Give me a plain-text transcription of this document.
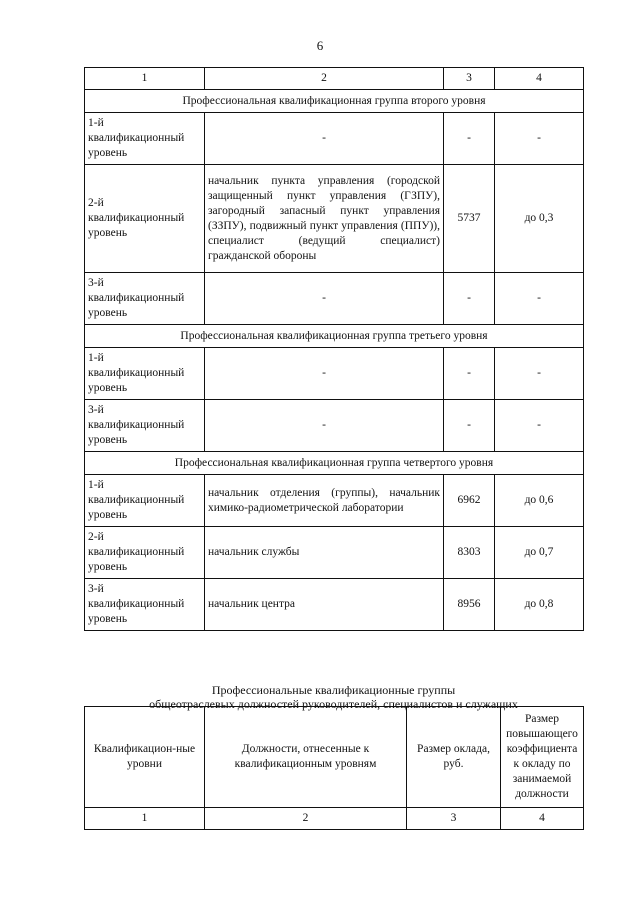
6
1	2	3	4
Профессиональная квалификационная группа второго уровня			
1-й квалификационный уровень	-	-	-
2-й квалификационный уровень	начальник пункта управления (городской защищенный пункт управления (ГЗПУ), загородный запасный пункт управления (ЗЗПУ), подвижный пункт управления (ППУ)), специалист (ведущий специалист) гражданской обороны	5737	до 0,3
3-й квалификационный уровень	-	-	-
Профессиональная квалификационная группа третьего уровня			
1-й квалификационный уровень	-	-	-
3-й квалификационный уровень	-	-	-
Профессиональная квалификационная группа четвертого уровня			
1-й квалификационный уровень	начальник отделения (группы), начальник химико-радиометрической лаборатории	6962	до 0,6
2-й квалификационный уровень	начальник службы	8303	до 0,7
3-й квалификационный уровень	начальник центра	8956	до 0,8
Профессиональные квалификационные группы
общеотраслевых должностей руководителей, специалистов и служащих
Квалификацион-ные уровни	Должности, отнесенные к квалификационным уровням	Размер оклада, руб.	Размер повышающего коэффициента к окладу по занимаемой должности
1	2	3	4
